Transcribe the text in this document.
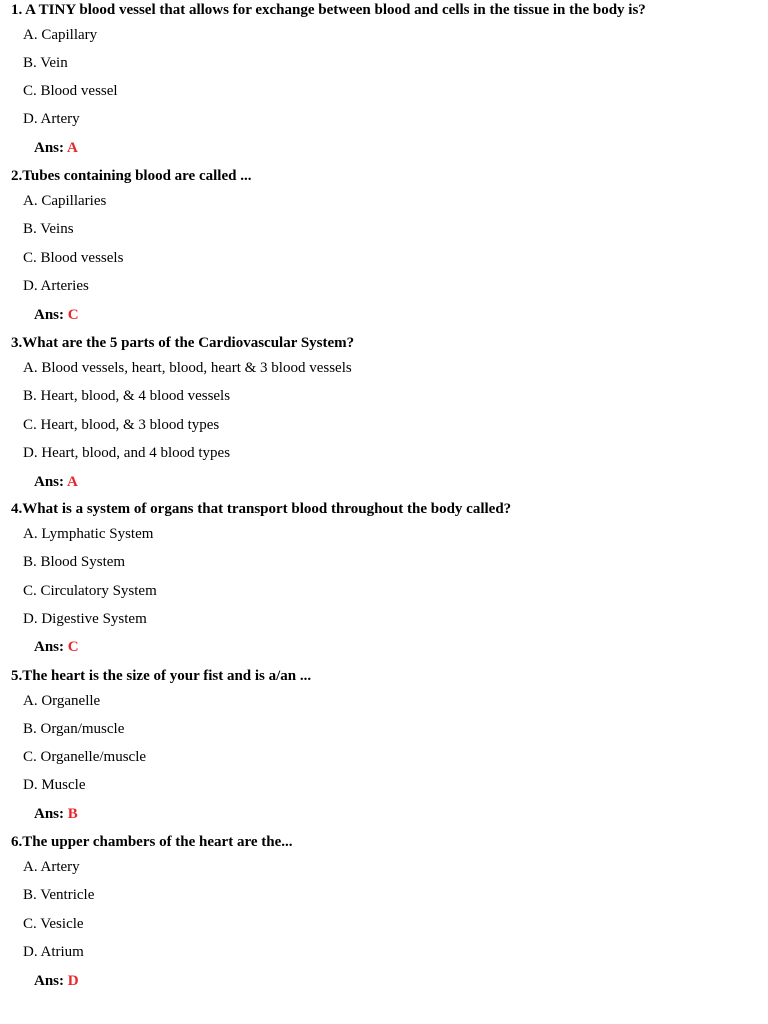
1. A TINY blood vessel that allows for exchange between blood and cells in the tissue in the body is?
A. Capillary
B. Vein
C. Blood vessel
D. Artery
Ans: A
2.Tubes containing blood are called ...
A. Capillaries
B. Veins
C. Blood vessels
D. Arteries
Ans: C
3.What are the 5 parts of the Cardiovascular System?
A. Blood vessels, heart, blood, heart & 3 blood vessels
B. Heart, blood, & 4 blood vessels
C. Heart, blood, & 3 blood types
D. Heart, blood, and 4 blood types
Ans: A
4.What is a system of organs that transport blood throughout the body called?
A. Lymphatic System
B. Blood System
C. Circulatory System
D. Digestive System
Ans: C
5.The heart is the size of your fist and is a/an ...
A. Organelle
B. Organ/muscle
C. Organelle/muscle
D. Muscle
Ans: B
6.The upper chambers of the heart are the...
A. Artery
B. Ventricle
C. Vesicle
D. Atrium
Ans: D
